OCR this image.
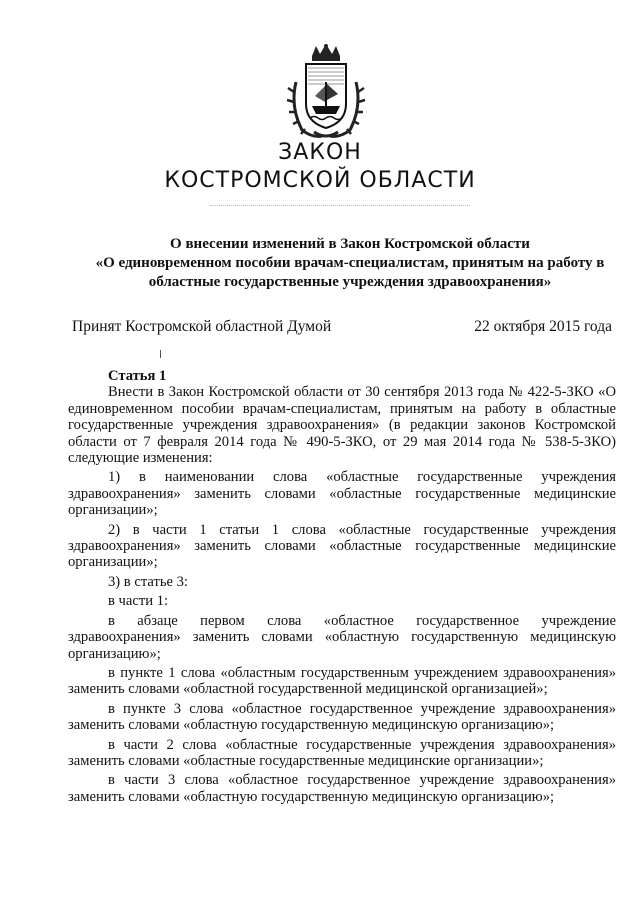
ЗАКОН
КОСТРОМСКОЙ ОБЛАСТИ
О внесении изменений в Закон Костромской области
«О единовременном пособии врачам-специалистам, принятым на работу в
областные государственные учреждения здравоохранения»
Принят Костромской областной Думой	22 октября 2015 года

Статья 1

Внести в Закон Костромской области от 30 сентября 2013 года № 422-5-ЗКО «О единовременном пособии врачам-специалистам, принятым на работу в областные государственные учреждения здравоохранения» (в редакции законов Костромской области от 7 февраля 2014 года № 490-5-ЗКО, от 29 мая 2014 года № 538-5-ЗКО) следующие изменения:

1) в наименовании слова «областные государственные учреждения здравоохранения» заменить словами «областные государственные медицинские организации»;

2) в части 1 статьи 1 слова «областные государственные учреждения здравоохранения» заменить словами «областные государственные медицинские организации»;

3) в статье 3:

в части 1:

в абзаце первом слова «областное государственное учреждение здравоохранения» заменить словами «областную государственную медицинскую организацию»;

в пункте 1 слова «областным государственным учреждением здравоохранения» заменить словами «областной государственной медицинской организацией»;

в пункте 3 слова «областное государственное учреждение здравоохранения» заменить словами «областную государственную медицинскую организацию»;

в части 2 слова «областные государственные учреждения здравоохранения» заменить словами «областные государственные медицинские организации»;

в части 3 слова «областное государственное учреждение здравоохранения» заменить словами «областную государственную медицинскую организацию»;
